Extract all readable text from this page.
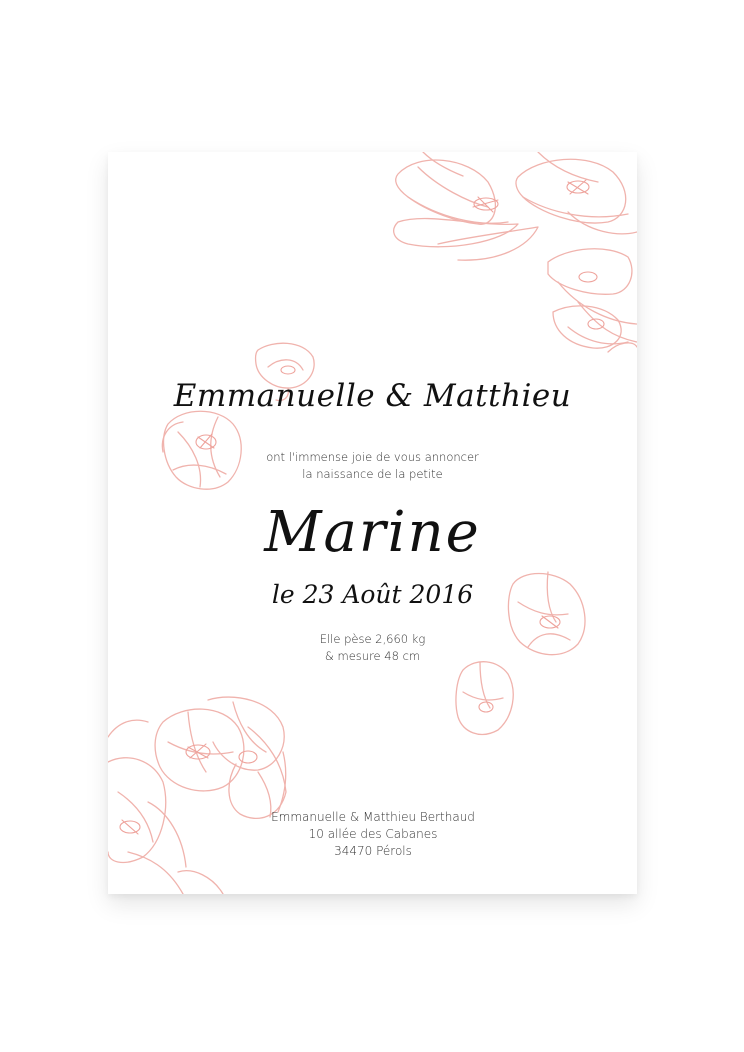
Emmanuelle & Matthieu
ont l'immense joie de vous annoncer
la naissance de la petite
Marine
le 23 Août 2016
Elle pèse 2,660 kg
& mesure 48 cm
Emmanuelle & Matthieu Berthaud
10 allée des Cabanes
34470 Pérols
